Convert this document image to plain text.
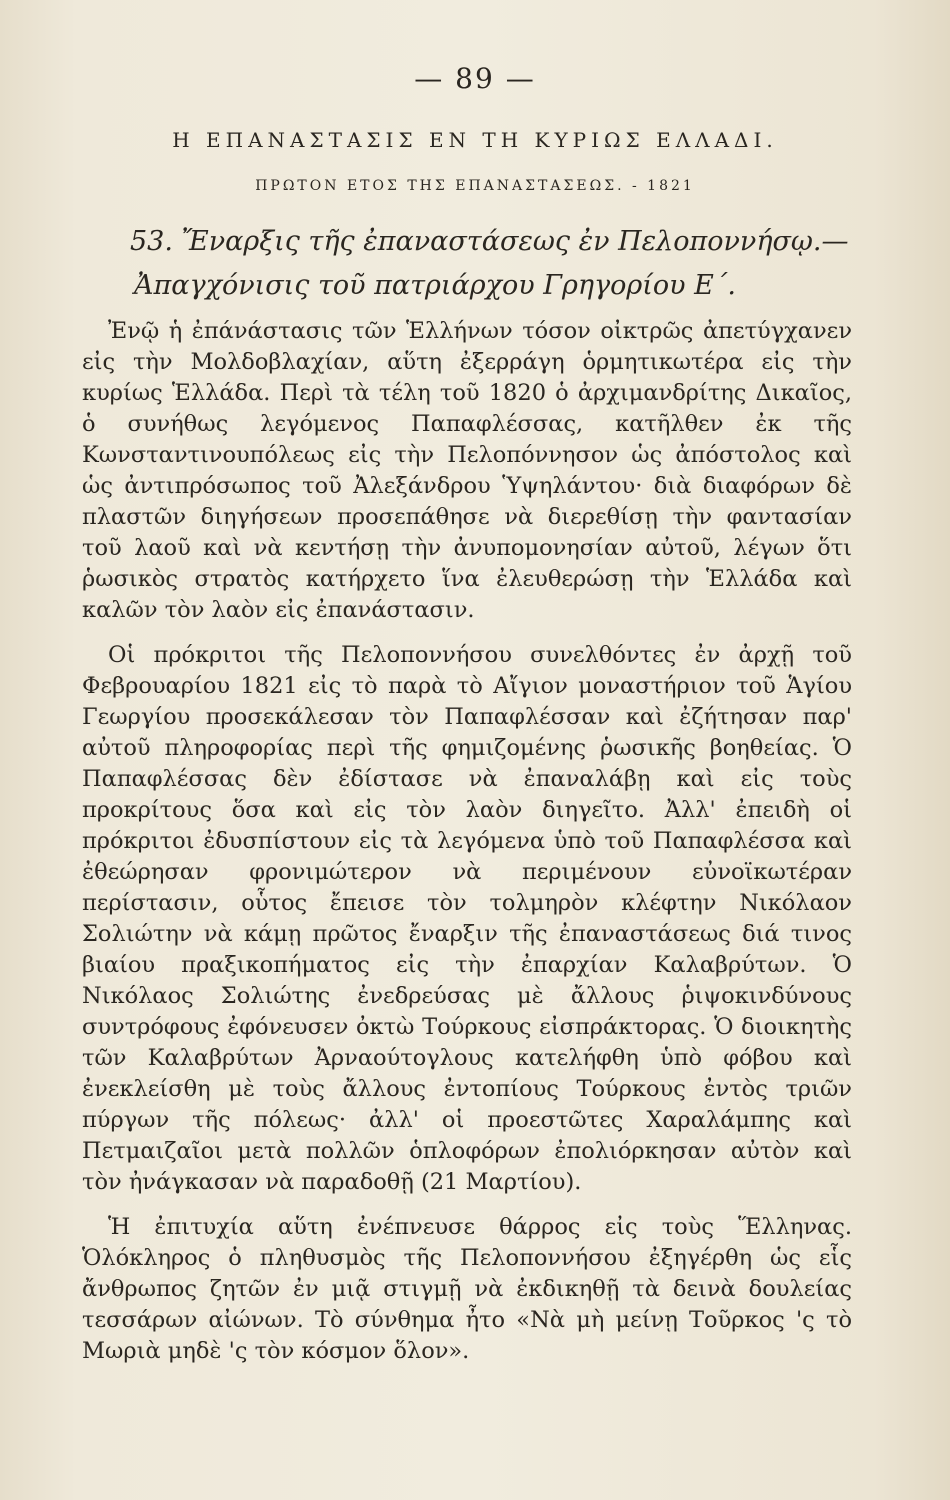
— 89 —
Η ΕΠΑΝΑΣΤΑΣΙΣ ΕΝ ΤΗ ΚΥΡΙΩΣ ΕΛΛΑΔΙ.
ΠΡΩΤΟΝ ΕΤΟΣ ΤΗΣ ΕΠΑΝΑΣΤΑΣΕΩΣ. - 1821
53. Ἔναρξις τῆς ἐπαναστάσεως ἐν Πελοποννήσῳ.—
Ἀπαγχόνισις τοῦ πατριάρχου Γρηγορίου Ε΄.

Ἐνῷ ἡ ἐπάνάστασις τῶν Ἑλλήνων τόσον οἰκτρῶς ἀπετύγχανεν εἰς τὴν Μολδοβλαχίαν, αὕτη ἐξερράγη ὁρμητικωτέρα εἰς τὴν κυρίως Ἑλλάδα. Περὶ τὰ τέλη τοῦ 1820 ὁ ἀρχιμανδρίτης Δικαῖος, ὁ συνήθως λεγόμενος Παπαφλέσσας, κατῆλθεν ἐκ τῆς Κωνσταντινουπόλεως εἰς τὴν Πελοπόννησον ὡς ἀπόστολος καὶ ὡς ἀντιπρόσωπος τοῦ Ἀλεξάνδρου Ὑψηλάντου· διὰ διαφόρων δὲ πλαστῶν διηγήσεων προσεπάθησε νὰ διερεθίσῃ τὴν φαντασίαν τοῦ λαοῦ καὶ νὰ κεντήσῃ τὴν ἀνυπομονησίαν αὐτοῦ, λέγων ὅτι ῥωσικὸς στρατὸς κατήρχετο ἵνα ἐλευθερώσῃ τὴν Ἑλλάδα καὶ καλῶν τὸν λαὸν εἰς ἐπανάστασιν.

Οἱ πρόκριτοι τῆς Πελοποννήσου συνελθόντες ἐν ἀρχῇ τοῦ Φεβρουαρίου 1821 εἰς τὸ παρὰ τὸ Αἴγιον μοναστήριον τοῦ Ἁγίου Γεωργίου προσεκάλεσαν τὸν Παπαφλέσσαν καὶ ἐζήτησαν παρ' αὐτοῦ πληροφορίας περὶ τῆς φημιζομένης ῥωσικῆς βοηθείας. Ὁ Παπαφλέσσας δὲν ἐδίστασε νὰ ἐπαναλάβῃ καὶ εἰς τοὺς προκρίτους ὅσα καὶ εἰς τὸν λαὸν διηγεῖτο. Ἀλλ' ἐπειδὴ οἱ πρόκριτοι ἐδυσπίστουν εἰς τὰ λεγόμενα ὑπὸ τοῦ Παπαφλέσσα καὶ ἐθεώρησαν φρονιμώτερον νὰ περιμένουν εὐνοϊκωτέραν περίστασιν, οὗτος ἔπεισε τὸν τολμηρὸν κλέφτην Νικόλαον Σολιώτην νὰ κάμῃ πρῶτος ἔναρξιν τῆς ἐπαναστάσεως διά τινος βιαίου πραξικοπήματος εἰς τὴν ἐπαρχίαν Καλαβρύτων. Ὁ Νικόλαος Σολιώτης ἐνεδρεύσας μὲ ἄλλους ῥιψοκινδύνους συντρόφους ἐφόνευσεν ὀκτὼ Τούρκους εἰσπράκτορας. Ὁ διοικητὴς τῶν Καλαβρύτων Ἀρναούτογλους κατελήφθη ὑπὸ φόβου καὶ ἐνεκλείσθη μὲ τοὺς ἄλλους ἐντοπίους Τούρκους ἐντὸς τριῶν πύργων τῆς πόλεως· ἀλλ' οἱ προεστῶτες Χαραλάμπης καὶ Πετμαιζαῖοι μετὰ πολλῶν ὁπλοφόρων ἐπολιόρκησαν αὐτὸν καὶ τὸν ἠνάγκασαν νὰ παραδοθῇ (21 Μαρτίου).

Ἡ ἐπιτυχία αὕτη ἐνέπνευσε θάρρος εἰς τοὺς Ἕλληνας. Ὁλόκληρος ὁ πληθυσμὸς τῆς Πελοποννήσου ἐξηγέρθη ὡς εἷς ἄνθρωπος ζητῶν ἐν μιᾷ στιγμῇ νὰ ἐκδικηθῇ τὰ δεινὰ δουλείας τεσσάρων αἰώνων. Τὸ σύνθημα ἦτο «Νὰ μὴ μείνῃ Τοῦρκος 'ς τὸ Μωριὰ μηδὲ 'ς τὸν κόσμον ὅλον».
